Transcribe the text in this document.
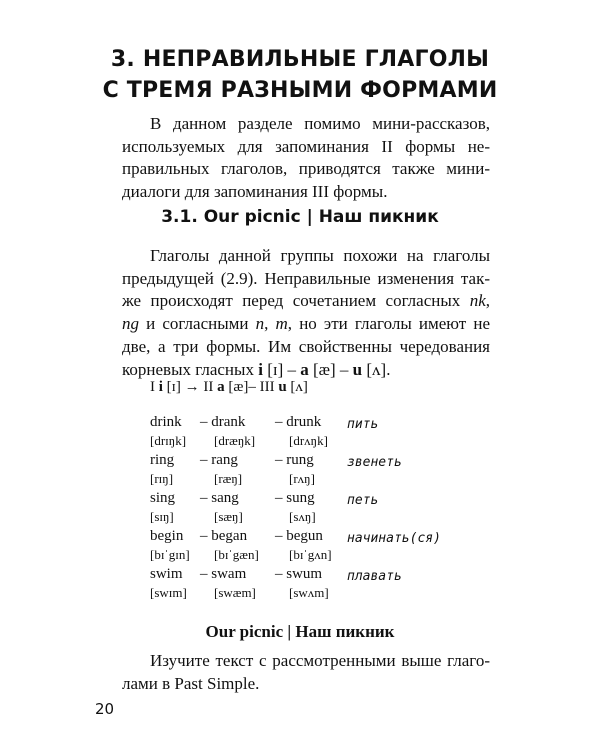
3. НЕПРАВИЛЬНЫЕ ГЛАГОЛЫ
С ТРЕМЯ РАЗНЫМИ ФОРМАМИ
В данном разделе помимо мини-рассказов,
используемых для запоминания II формы не-
правильных глаголов, приводятся также мини-
диалоги для запоминания III формы.
3.1. Our picnic | Наш пикник
Глаголы данной группы похожи на глаголы
предыдущей (2.9). Неправильные изменения так-
же происходят перед сочетанием согласных nk,
ng и согласными n, m, но эти глаголы имеют не
две, а три формы. Им свойственны чередования
корневых гласных i [ɪ] – a [æ] – u [ʌ].
I i [ɪ] → II a [æ]– III u [ʌ]
drink – drank – drunk
[drɪŋk] [dræŋk]	[drʌŋk]
пить
ring – rang – rung
[rɪŋ]	[ræŋ]	[rʌŋ]
звенеть
sing – sang – sung
[sɪŋ]	[sæŋ]	[sʌŋ]
петь
begin – began – begun
[bɪˈgɪn] [bɪˈgæn] [bɪˈgʌn]
начинать(ся)
swim – swam – swum
[swɪm] [swæm]	[swʌm]
плавать
Our picnic | Наш пикник
Изучите текст с рассмотренными выше глаго-
лами в Past Simple.
20
